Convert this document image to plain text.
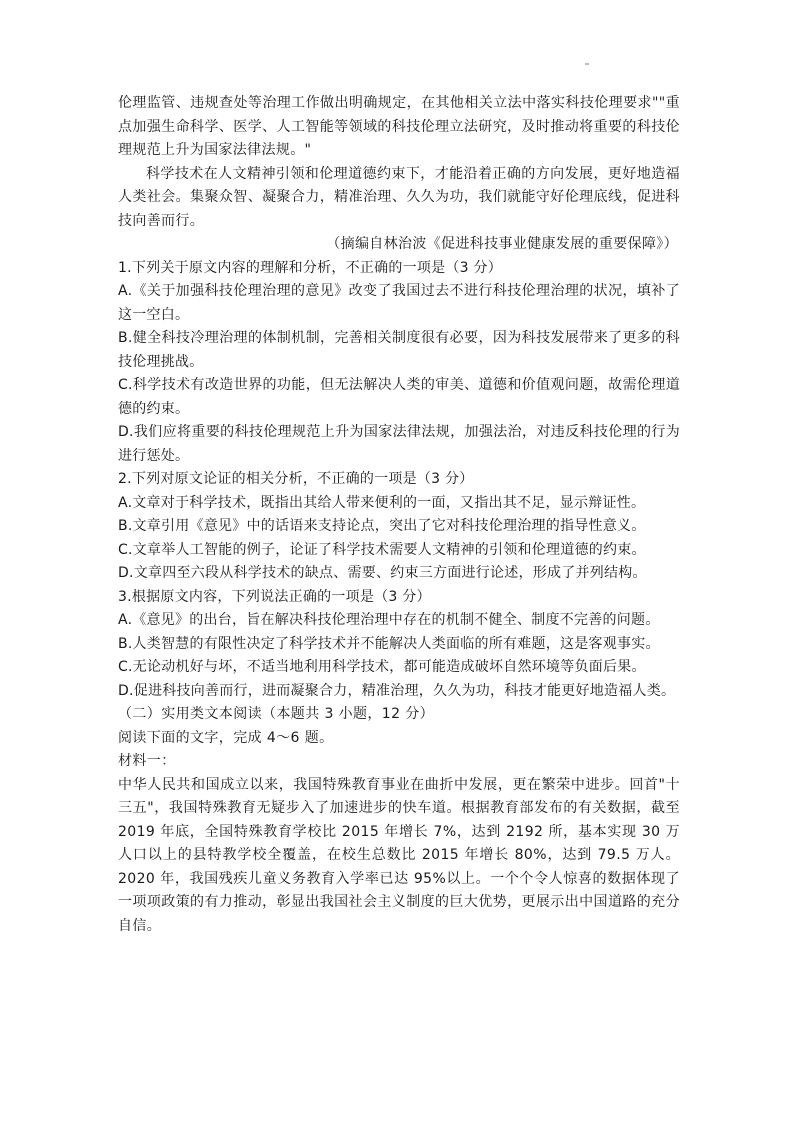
伦理监管、违规查处等治理工作做出明确规定，在其他相关立法中落实科技伦理要求""重点加强生命科学、医学、人工智能等领域的科技伦理立法研究，及时推动将重要的科技伦理规范上升为国家法律法规。"

科学技术在人文精神引领和伦理道德约束下，才能沿着正确的方向发展，更好地造福人类社会。集聚众智、凝聚合力，精准治理、久久为功，我们就能守好伦理底线，促进科技向善而行。

（摘编自林治波《促进科技事业健康发展的重要保障》）

1.下列关于原文内容的理解和分析，不正确的一项是（3 分）

A.《关于加强科技伦理治理的意见》改变了我国过去不进行科技伦理治理的状况，填补了这一空白。

B.健全科技冷理治理的体制机制，完善相关制度很有必要，因为科技发展带来了更多的科技伦理挑战。

C.科学技术有改造世界的功能，但无法解决人类的审美、道德和价值观问题，故需伦理道德的约束。

D.我们应将重要的科技伦理规范上升为国家法律法规，加强法治，对违反科技伦理的行为进行惩处。

2.下列对原文论证的相关分析，不正确的一项是（3 分）

A.文章对于科学技术，既指出其给人带来便利的一面，又指出其不足，显示辩证性。

B.文章引用《意见》中的话语来支持论点，突出了它对科技伦理治理的指导性意义。

C.文章举人工智能的例子，论证了科学技术需要人文精神的引领和伦理道德的约束。

D.文章四至六段从科学技术的缺点、需要、约束三方面进行论述，形成了并列结构。

3.根据原文内容，下列说法正确的一项是（3 分）

A.《意见》的出台，旨在解决科技伦理治理中存在的机制不健全、制度不完善的问题。

B.人类智慧的有限性决定了科学技术并不能解决人类面临的所有难题，这是客观事实。

C.无论动机好与坏，不适当地利用科学技术，都可能造成破坏自然环境等负面后果。

D.促进科技向善而行，进而凝聚合力，精准治理，久久为功，科技才能更好地造福人类。

（二）实用类文本阅读（本题共 3 小题，12 分）

阅读下面的文字，完成 4～6 题。

材料一：

中华人民共和国成立以来，我国特殊教育事业在曲折中发展，更在繁荣中进步。回首"十三五"，我国特殊教育无疑步入了加速进步的快车道。根据教育部发布的有关数据，截至 2019 年底，全国特殊教育学校比 2015 年增长 7%，达到 2192 所，基本实现 30 万人口以上的县特教学校全覆盖，在校生总数比 2015 年增长 80%，达到 79.5 万人。2020 年，我国残疾儿童义务教育入学率已达 95%以上。一个个令人惊喜的数据体现了一项项政策的有力推动，彰显出我国社会主义制度的巨大优势，更展示出中国道路的充分自信。
